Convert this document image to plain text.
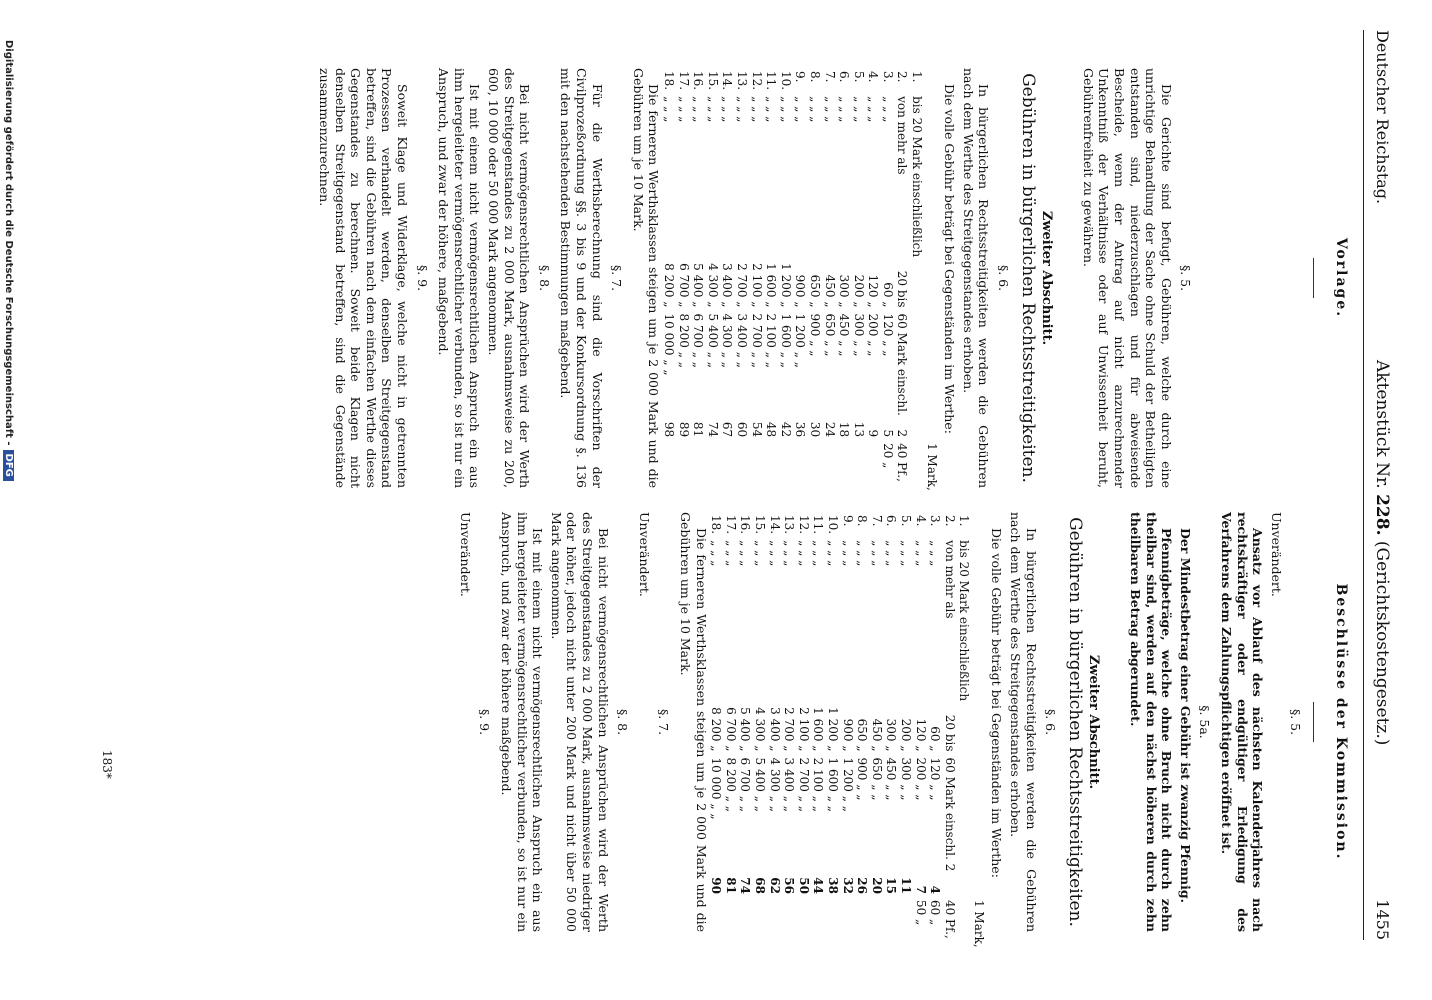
Deutscher Reichstag.
Aktenstück Nr. 228. (Gerichtskostengesetz.)
1455
Vorlage.
§. 5.

Die Gerichte sind befugt, Gebühren, welche durch eine unrichtige Behandlung der Sache ohne Schuld der Betheiligten entstanden sind, niederzuschlagen und für abweisende Bescheide, wenn der Antrag auf nicht anzurechnender Unkenntniß der Verhältnisse oder auf Unwissenheit beruht, Gebührenfreiheit zu gewähren.

Zweiter Abschnitt.
Gebühren in bürgerlichen Rechtsstreitigkeiten.
§. 6.

In bürgerlichen Rechtsstreitigkeiten werden die Gebühren nach dem Werthe des Streitgegenstandes erhoben.

Die volle Gebühr beträgt bei Gegenständen im Werthe:

					1 Mark,
1.	bis 20 Mark einschließlich				
2.	von mehr als	20 bis	60 Mark einschl.	2	40 Pf.,
3.	„ „ „	60 „	120 „ „	5	20 „
4.	„ „ „	120 „	200 „ „	9	
5.	„ „ „	200 „	300 „ „	13	
6.	„ „ „	300 „	450 „ „	18	
7.	„ „ „	450 „	650 „ „	24	
8.	„ „ „	650 „	900 „ „	30	
9.	„ „ „	900 „	1 200 „ „	36	
10.	„ „ „	1 200 „	1 600 „ „	42	
11.	„ „ „	1 600 „	2 100 „ „	48	
12.	„ „ „	2 100 „	2 700 „ „	54	
13.	„ „ „	2 700 „	3 400 „ „	60	
14.	„ „ „	3 400 „	4 300 „ „	67	
15.	„ „ „	4 300 „	5 400 „ „	74	
16.	„ „ „	5 400 „	6 700 „ „	81	
17.	„ „ „	6 700 „	8 200 „ „	89	
18.	„ „ „	8 200 „	10 000 „ „	98	

Die ferneren Werthsklassen steigen um je 2 000 Mark und die Gebühren um je 10 Mark.

§. 7.

Für die Werthsberechnung sind die Vorschriften der Civilprozeßordnung §§. 3 bis 9 und der Konkursordnung §. 136 mit den nachstehenden Bestimmungen maßgebend.

§. 8.

Bei nicht vermögensrechtlichen Ansprüchen wird der Werth des Streitgegenstandes zu 2 000 Mark, ausnahmsweise zu 200, 600, 10 000 oder 50 000 Mark angenommen.

Ist mit einem nicht vermögensrechtlichen Anspruch ein aus ihm hergeleiteter vermögensrechtlicher verbunden, so ist nur ein Anspruch, und zwar der höhere, maßgebend.

§. 9.

Soweit Klage und Widerklage, welche nicht in getrennten Prozessen verhandelt werden, denselben Streitgegenstand betreffen, sind die Gebühren nach dem einfachen Werthe dieses Gegenstandes zu berechnen. Soweit beide Klagen nicht denselben Streitgegenstand betreffen, sind die Gegenstände zusammenzurechnen.

Beschlüsse der Kommission.
§. 5.

Unverändert.

Ansatz vor Ablauf des nächsten Kalenderjahres nach rechtskräftiger oder endgültiger Erledigung des Verfahrens dem Zahlungspflichtigen eröffnet ist.

§. 5a.

Der Mindestbetrag einer Gebühr ist zwanzig Pfennig.

Pfennigbeträge, welche ohne Bruch nicht durch zehn theilbar sind, werden auf den nächst höheren durch zehn theilbaren Betrag abgerundet.

Zweiter Abschnitt.
Gebühren in bürgerlichen Rechtsstreitigkeiten.
§. 6.

In bürgerlichen Rechtsstreitigkeiten werden die Gebühren nach dem Werthe des Streitgegenstandes erhoben.

Die volle Gebühr beträgt bei Gegenständen im Werthe:

					1 Mark,
1.	bis 20 Mark einschließlich				
2.	von mehr als	20 bis	60 Mark einschl. 2		40 Pf.,
3.	„ „ „	60 „	120 „ „	4	60 „
4.	„ „ „	120 „	200 „ „	7	50 „
5.	„ „ „	200 „	300 „ „	11	
6.	„ „ „	300 „	450 „ „	15	
7.	„ „ „	450 „	650 „ „	20	
8.	„ „ „	650 „	900 „ „	26	
9.	„ „ „	900 „	1 200 „ „	32	
10.	„ „ „	1 200 „	1 600 „ „	38	
11.	„ „ „	1 600 „	2 100 „ „	44	
12.	„ „ „	2 100 „	2 700 „ „	50	
13.	„ „ „	2 700 „	3 400 „ „	56	
14.	„ „ „	3 400 „	4 300 „ „	62	
15.	„ „ „	4 300 „	5 400 „ „	68	
16.	„ „ „	5 400 „	6 700 „ „	74	
17.	„ „ „	6 700 „	8 200 „ „	81	
18.	„ „ „	8 200 „	10 000 „ „	90	

Die ferneren Werthsklassen steigen um je 2 000 Mark und die Gebühren um je 10 Mark.

§. 7.

Unverändert.

§. 8.

Bei nicht vermögensrechtlichen Ansprüchen wird der Werth des Streitgegenstandes zu 2 000 Mark, ausnahmsweise niedriger oder höher, jedoch nicht unter 200 Mark und nicht über 50 000 Mark angenommen.

Ist mit einem nicht vermögensrechtlichen Anspruch ein aus ihm hergeleiteter vermögensrechtlicher verbunden, so ist nur ein Anspruch, und zwar der höhere maßgebend.

§. 9.

Unverändert.

183*
Digitalisierung gefördert durch die Deutsche Forschungsgemeinschaft -DFG
